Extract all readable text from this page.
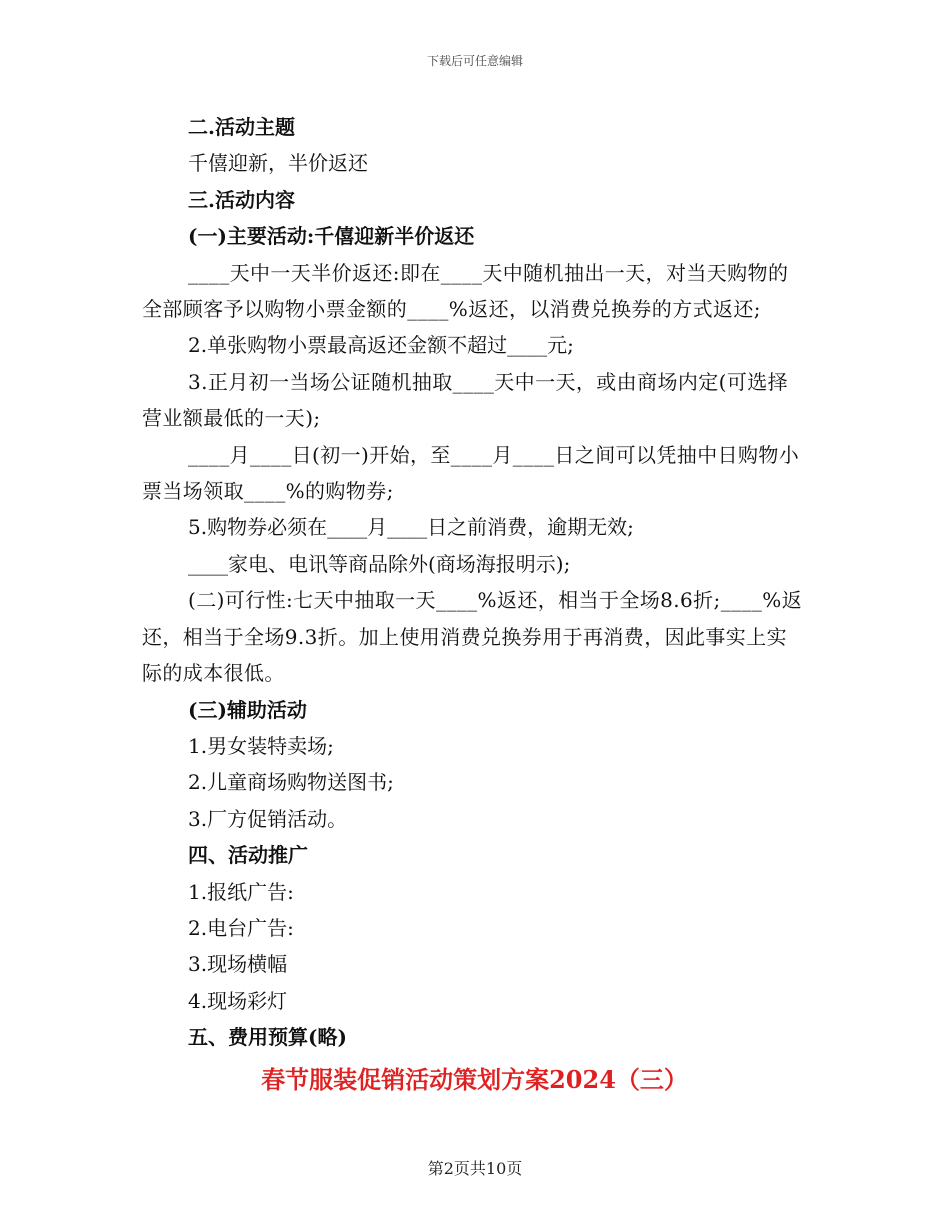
下载后可任意编辑

二.活动主题

千僖迎新，半价返还

三.活动内容

(一)主要活动:千僖迎新半价返还

____天中一天半价返还:即在____天中随机抽出一天，对当天购物的全部顾客予以购物小票金额的____%返还，以消费兑换券的方式返还;

2.单张购物小票最高返还金额不超过____元;

3.正月初一当场公证随机抽取____天中一天，或由商场内定(可选择营业额最低的一天);

____月____日(初一)开始，至____月____日之间可以凭抽中日购物小票当场领取____%的购物券;

5.购物券必须在____月____日之前消费，逾期无效;

____家电、电讯等商品除外(商场海报明示);

(二)可行性:七天中抽取一天____%返还，相当于全场8.6折;____%返还，相当于全场9.3折。加上使用消费兑换券用于再消费，因此事实上实际的成本很低。

(三)辅助活动

1.男女装特卖场;

2.儿童商场购物送图书;

3.厂方促销活动。

四、活动推广

1.报纸广告:

2.电台广告:

3.现场横幅

4.现场彩灯

五、费用预算(略)

春节服装促销活动策划方案2024（三）

第2页共10页
